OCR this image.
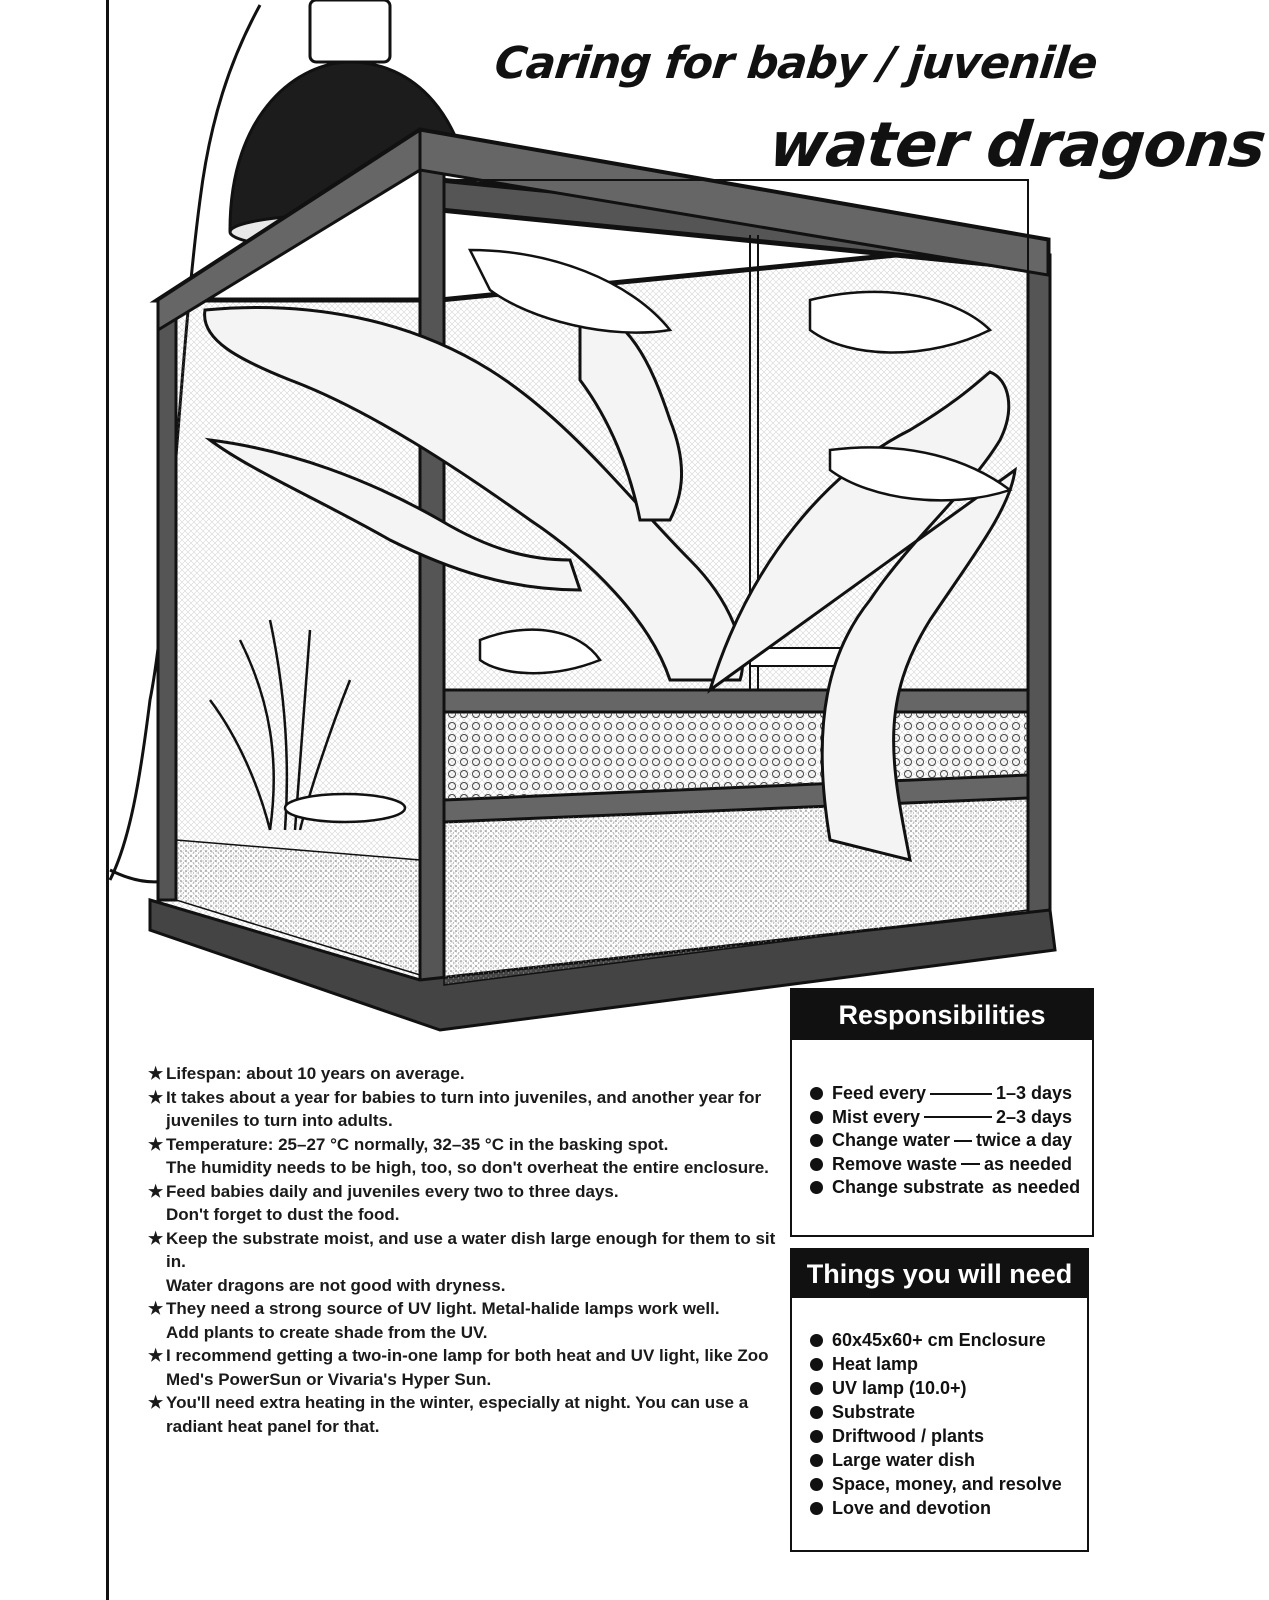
Caring for baby / juvenile
water dragons
★ Lifespan: about 10 years on average.
★ It takes about a year for babies to turn into juveniles, and another year for
juveniles to turn into adults.
★ Temperature: 25–27 °C normally, 32–35 °C in the basking spot.
The humidity needs to be high, too, so don't overheat the entire enclosure.
★ Feed babies daily and juveniles every two to three days.
Don't forget to dust the food.
★ Keep the substrate moist, and use a water dish large enough for them to sit in.
Water dragons are not good with dryness.
★ They need a strong source of UV light. Metal-halide lamps work well.
Add plants to create shade from the UV.
★ I recommend getting a two-in-one lamp for both heat and UV light, like Zoo
Med's PowerSun or Vivaria's Hyper Sun.
★ You'll need extra heating in the winter, especially at night. You can use a
radiant heat panel for that.
Responsibilities
Feed every	1–3 days
Mist every	2–3 days
Change water twice a day
Remove waste as needed
Change substrate as needed
Things you will need
60x45x60+ cm Enclosure
Heat lamp
UV lamp (10.0+)
Substrate
Driftwood / plants
Large water dish
Space, money, and resolve
Love and devotion
